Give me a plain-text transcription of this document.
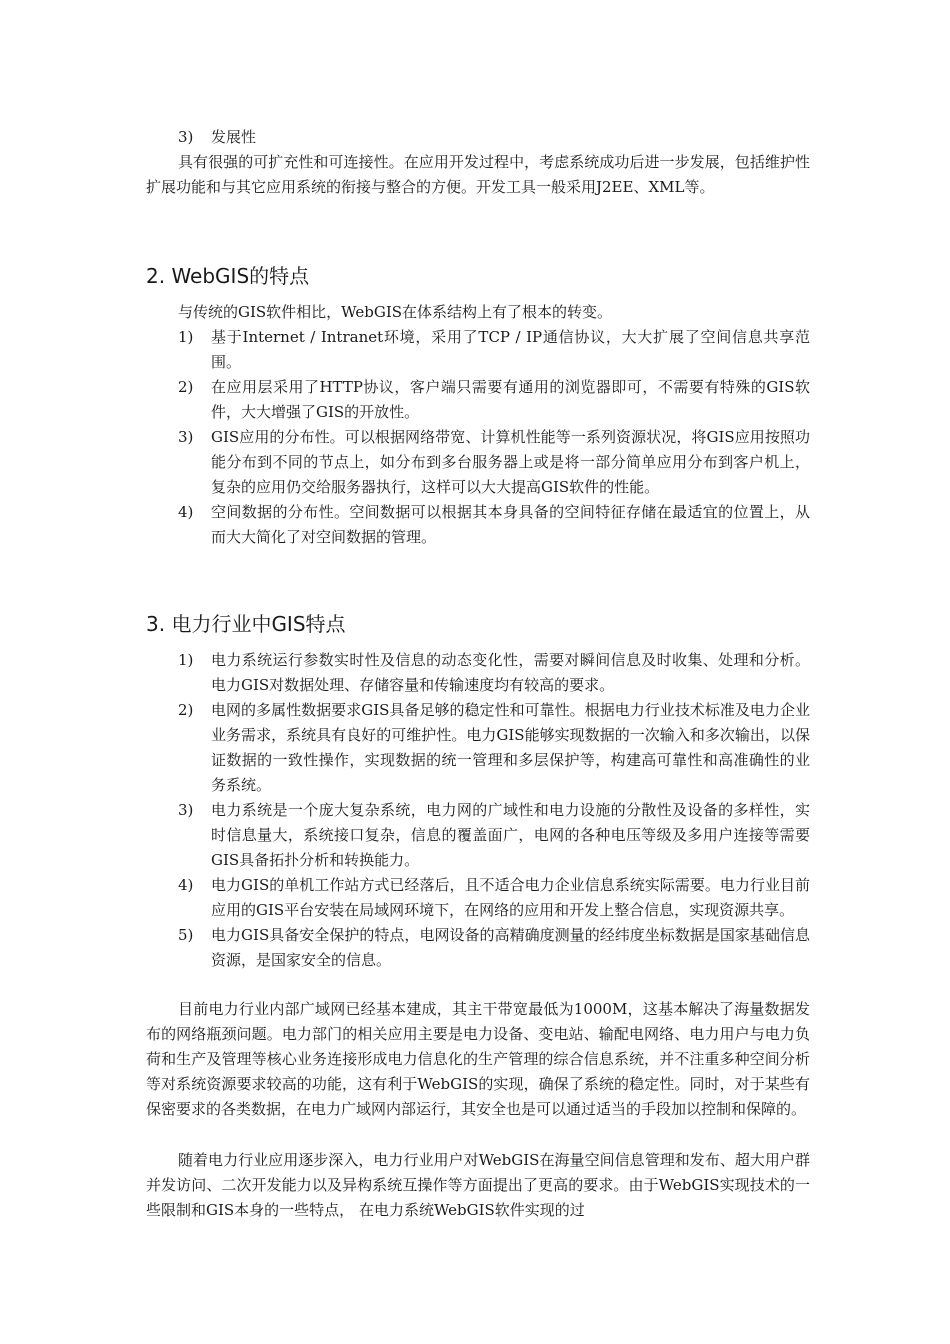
3) 发展性

具有很强的可扩充性和可连接性。在应用开发过程中，考虑系统成功后进一步发展，包括维护性扩展功能和与其它应用系统的衔接与整合的方便。开发工具一般采用J2EE、XML等。

2. WebGIS的特点

与传统的GIS软件相比，WebGIS在体系结构上有了根本的转变。

1) 基于Internet / Intranet环境，采用了TCP / IP通信协议，大大扩展了空间信息共享范围。
2) 在应用层采用了HTTP协议，客户端只需要有通用的浏览器即可，不需要有特殊的GIS软件，大大增强了GIS的开放性。
3) GIS应用的分布性。可以根据网络带宽、计算机性能等一系列资源状况，将GIS应用按照功能分布到不同的节点上，如分布到多台服务器上或是将一部分简单应用分布到客户机上，复杂的应用仍交给服务器执行，这样可以大大提高GIS软件的性能。
4) 空间数据的分布性。空间数据可以根据其本身具备的空间特征存储在最适宜的位置上，从而大大简化了对空间数据的管理。
3. 电力行业中GIS特点
1) 电力系统运行参数实时性及信息的动态变化性，需要对瞬间信息及时收集、处理和分析。电力GIS对数据处理、存储容量和传输速度均有较高的要求。
2) 电网的多属性数据要求GIS具备足够的稳定性和可靠性。根据电力行业技术标准及电力企业业务需求，系统具有良好的可维护性。电力GIS能够实现数据的一次输入和多次输出，以保证数据的一致性操作，实现数据的统一管理和多层保护等，构建高可靠性和高准确性的业务系统。
3) 电力系统是一个庞大复杂系统，电力网的广域性和电力设施的分散性及设备的多样性，实时信息量大，系统接口复杂，信息的覆盖面广，电网的各种电压等级及多用户连接等需要GIS具备拓扑分析和转换能力。
4) 电力GIS的单机工作站方式已经落后，且不适合电力企业信息系统实际需要。电力行业目前应用的GIS平台安装在局域网环境下，在网络的应用和开发上整合信息，实现资源共享。
5) 电力GIS具备安全保护的特点，电网设备的高精确度测量的经纬度坐标数据是国家基础信息资源，是国家安全的信息。

目前电力行业内部广域网已经基本建成，其主干带宽最低为1000M，这基本解决了海量数据发布的网络瓶颈问题。电力部门的相关应用主要是电力设备、变电站、输配电网络、电力用户与电力负荷和生产及管理等核心业务连接形成电力信息化的生产管理的综合信息系统，并不注重多种空间分析等对系统资源要求较高的功能，这有利于WebGIS的实现，确保了系统的稳定性。同时，对于某些有保密要求的各类数据，在电力广域网内部运行，其安全也是可以通过适当的手段加以控制和保障的。

随着电力行业应用逐步深入，电力行业用户对WebGIS在海量空间信息管理和发布、超大用户群并发访问、二次开发能力以及异构系统互操作等方面提出了更高的要求。由于WebGIS实现技术的一些限制和GIS本身的一些特点， 在电力系统WebGIS软件实现的过
